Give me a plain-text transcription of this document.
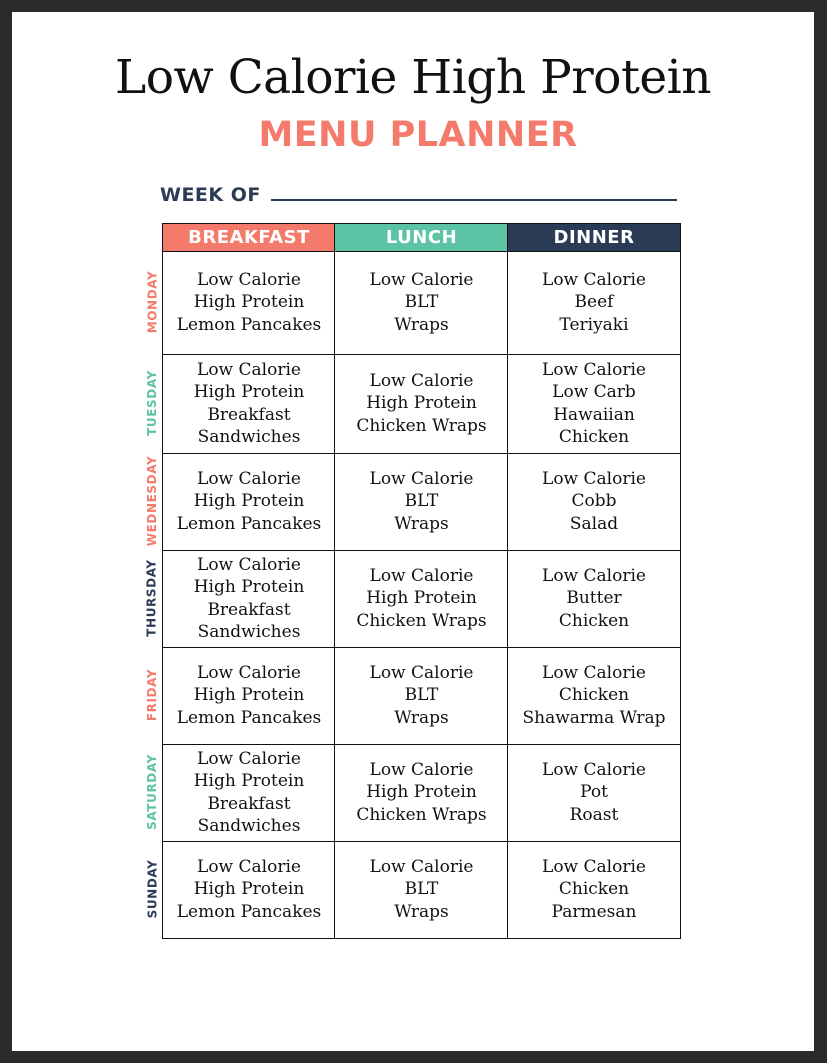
Low Calorie High Protein
MENU PLANNER
WEEK OF
BREAKFAST	LUNCH	DINNER
Low Calorie
High Protein
Lemon Pancakes
Low Calorie
BLT
Wraps
Low Calorie
Beef
Teriyaki
Low Calorie
High Protein
Breakfast
Sandwiches
Low Calorie
High Protein
Chicken Wraps
Low Calorie
Low Carb
Hawaiian
Chicken
Low Calorie
High Protein
Lemon Pancakes
Low Calorie
BLT
Wraps
Low Calorie
Cobb
Salad
Low Calorie
High Protein
Breakfast
Sandwiches
Low Calorie
High Protein
Chicken Wraps
Low Calorie
Butter
Chicken
Low Calorie
High Protein
Lemon Pancakes
Low Calorie
BLT
Wraps
Low Calorie
Chicken
Shawarma Wrap
Low Calorie
High Protein
Breakfast
Sandwiches
Low Calorie
High Protein
Chicken Wraps
Low Calorie
Pot
Roast
Low Calorie
High Protein
Lemon Pancakes
Low Calorie
BLT
Wraps
Low Calorie
Chicken
Parmesan
MONDAY
TUESDAY
WEDNESDAY
THURSDAY
FRIDAY
SATURDAY
SUNDAY
